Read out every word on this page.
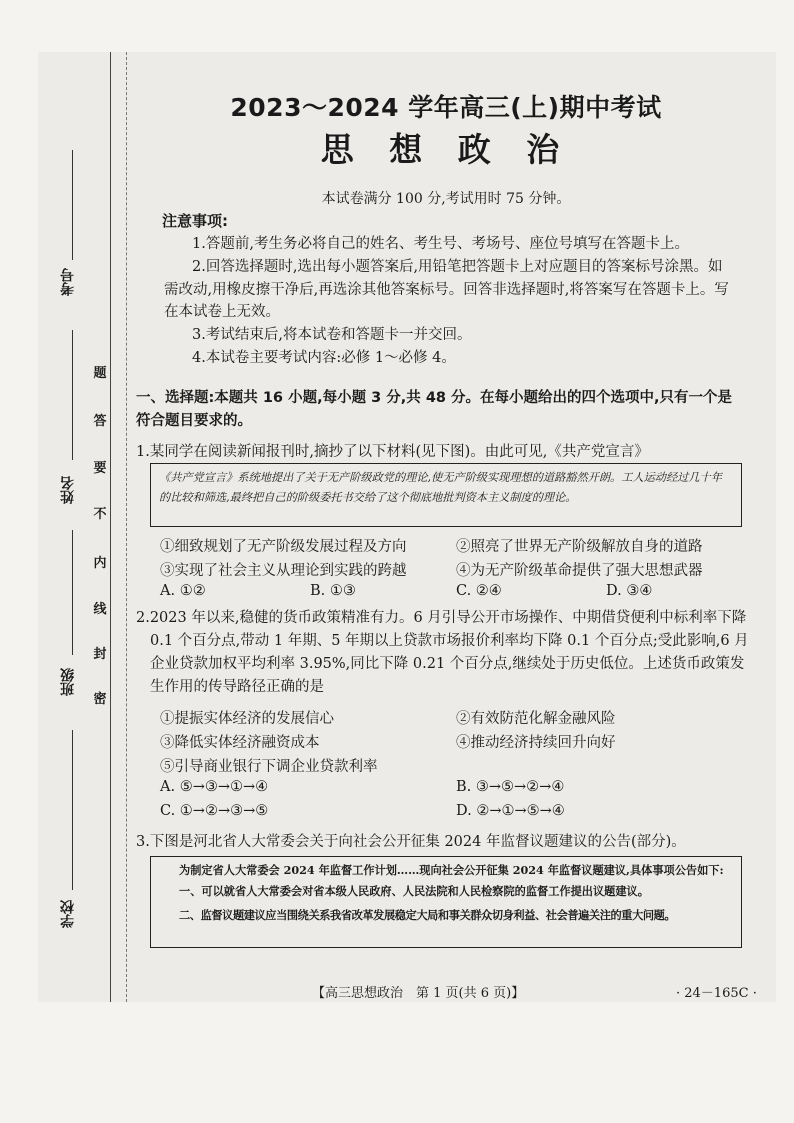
考号
姓名
班级
学校
密
封
线
内
不
要
答
题
2023～2024 学年高三(上)期中考试
思 想 政 治
本试卷满分 100 分,考试用时 75 分钟。
注意事项:
1.答题前,考生务必将自己的姓名、考生号、考场号、座位号填写在答题卡上。
2.回答选择题时,选出每小题答案后,用铅笔把答题卡上对应题目的答案标号涂黑。如需改动,用橡皮擦干净后,再选涂其他答案标号。回答非选择题时,将答案写在答题卡上。写在本试卷上无效。
3.考试结束后,将本试卷和答题卡一并交回。
4.本试卷主要考试内容:必修 1～必修 4。
一、选择题:本题共 16 小题,每小题 3 分,共 48 分。在每小题给出的四个选项中,只有一个是符合题目要求的。
1.某同学在阅读新闻报刊时,摘抄了以下材料(见下图)。由此可见,《共产党宣言》
《共产党宣言》系统地提出了关于无产阶级政党的理论,使无产阶级实现理想的道路豁然开朗。工人运动经过几十年的比较和筛选,最终把自己的阶级委托书交给了这个彻底地批判资本主义制度的理论。
①细致规划了无产阶级发展过程及方向	②照亮了世界无产阶级解放自身的道路
③实现了社会主义从理论到实践的跨越	④为无产阶级革命提供了强大思想武器
A. ①②	B. ①③	C. ②④	D. ③④
2.2023 年以来,稳健的货币政策精准有力。6 月引导公开市场操作、中期借贷便利中标利率下降 0.1 个百分点,带动 1 年期、5 年期以上贷款市场报价利率均下降 0.1 个百分点;受此影响,6 月企业贷款加权平均利率 3.95%,同比下降 0.21 个百分点,继续处于历史低位。上述货币政策发生作用的传导路径正确的是
①提振实体经济的发展信心	②有效防范化解金融风险
③降低实体经济融资成本	④推动经济持续回升向好
⑤引导商业银行下调企业贷款利率
A. ⑤→③→①→④	B. ③→⑤→②→④
C. ①→②→③→⑤	D. ②→①→⑤→④
3.下图是河北省人大常委会关于向社会公开征集 2024 年监督议题建议的公告(部分)。
为制定省人大常委会 2024 年监督工作计划……现向社会公开征集 2024 年监督议题建议,具体事项公告如下:
一、可以就省人大常委会对省本级人民政府、人民法院和人民检察院的监督工作提出议题建议。
二、监督议题建议应当围绕关系我省改革发展稳定大局和事关群众切身利益、社会普遍关注的重大问题。
【高三思想政治　第 1 页(共 6 页)】	· 24－165C ·
